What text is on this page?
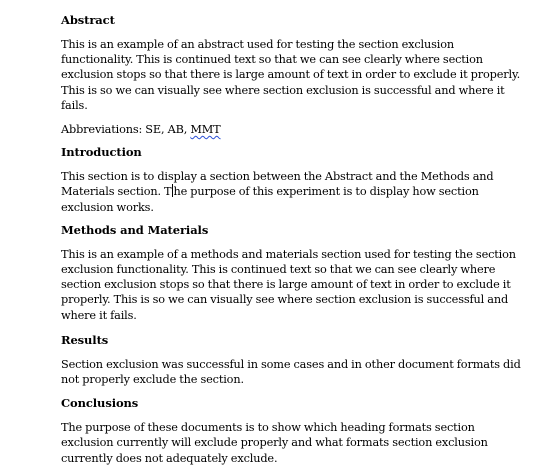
Abstract

This is an example of an abstract used for testing the section exclusion functionality. This is continued text so that we can see clearly where section exclusion stops so that there is large amount of text in order to exclude it properly. This is so we can visually see where section exclusion is successful and where it fails.

Abbreviations: SE, AB, MMT

Introduction

This section is to display a section between the Abstract and the Methods and Materials section. T he purpose of this experiment is to display how section exclusion works.

Methods and Materials

This is an example of a methods and materials section used for testing the section exclusion functionality. This is continued text so that we can see clearly where section exclusion stops so that there is large amount of text in order to exclude it properly. This is so we can visually see where section exclusion is successful and where it fails.

Results

Section exclusion was successful in some cases and in other document formats did not properly exclude the section.

Conclusions

The purpose of these documents is to show which heading formats section exclusion currently will exclude properly and what formats section exclusion currently does not adequately exclude.
